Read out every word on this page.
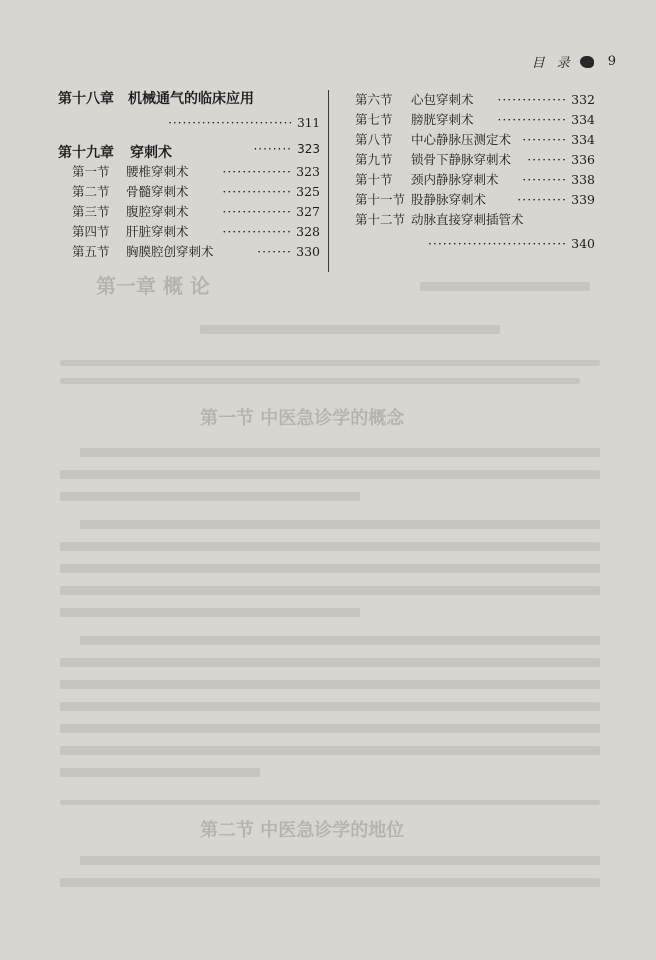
第一章 概 论
第一节 中医急诊学的概念
第二节 中医急诊学的地位
目 录	9
第十八章 机械通气的临床应用
·························· 311
第十九章 穿刺术	········ 323
第一节	腰椎穿刺术	·············· 323
第二节	骨髓穿刺术	·············· 325
第三节	腹腔穿刺术	·············· 327
第四节	肝脏穿刺术	·············· 328
第五节	胸膜腔创穿刺术	······· 330
第六节	心包穿刺术	·············· 332
第七节	膀胱穿刺术	·············· 334
第八节	中心静脉压测定术 ········· 334
第九节	锁骨下静脉穿刺术	········ 336
第十节	颈内静脉穿刺术	········· 338
第十一节 股静脉穿刺术	·········· 339
第十二节 动脉直接穿刺插管术
···························· 340
